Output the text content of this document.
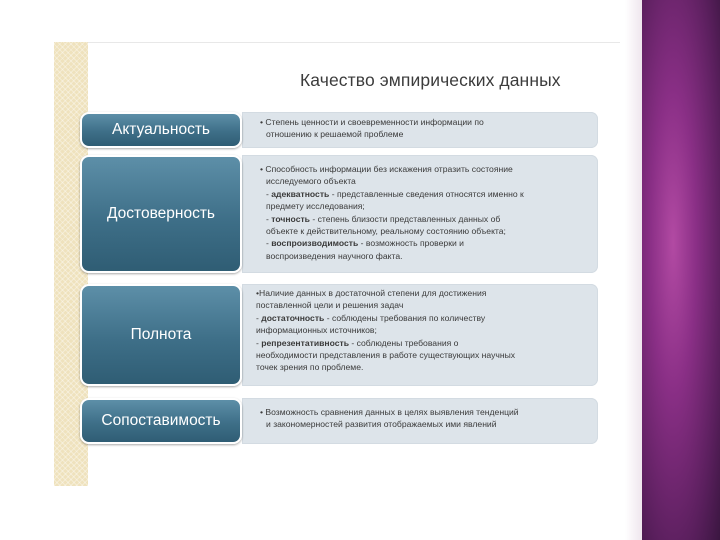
Качество эмпирических данных
Актуальность	• Степень ценности и своевременности информации по
отношению к решаемой проблеме
Достоверность
• Способность информации без искажения отразить состояние
исследуемого объекта
- адекватность - представленные сведения относятся именно к
предмету исследования;
- точность - степень близости представленных данных об
объекте к действительному, реальному состоянию объекта;
- воспроизводимость - возможность проверки и
воспроизведения научного факта.
Полнота
•Наличие данных в достаточной степени для достижения
поставленной цели и решения задач
- достаточность - соблюдены требования по количеству
информационных источников;
- репрезентативность - соблюдены требования о
необходимости представления в работе существующих научных
точек зрения по проблеме.
Сопоставимость	• Возможность сравнения данных в целях выявления тенденций
и закономерностей развития отображаемых ими явлений
